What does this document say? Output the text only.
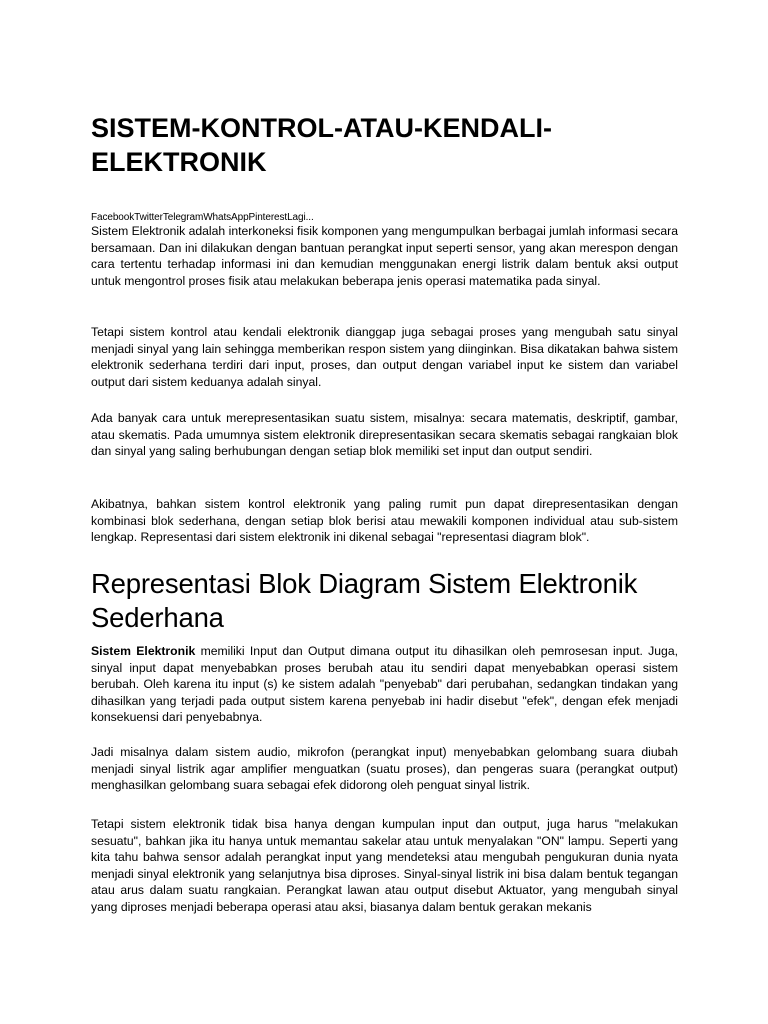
SISTEM-KONTROL-ATAU-KENDALI-ELEKTRONIK
FacebookTwitterTelegramWhatsAppPinterestLagi...

Sistem Elektronik adalah interkoneksi fisik komponen yang mengumpulkan berbagai jumlah informasi secara bersamaan. Dan ini dilakukan dengan bantuan perangkat input seperti sensor, yang akan merespon dengan cara tertentu terhadap informasi ini dan kemudian menggunakan energi listrik dalam bentuk aksi output untuk mengontrol proses fisik atau melakukan beberapa jenis operasi matematika pada sinyal.

Tetapi sistem kontrol atau kendali elektronik dianggap juga sebagai proses yang mengubah satu sinyal menjadi sinyal yang lain sehingga memberikan respon sistem yang diinginkan. Bisa dikatakan bahwa sistem elektronik sederhana terdiri dari input, proses, dan output dengan variabel input ke sistem dan variabel output dari sistem keduanya adalah sinyal.

Ada banyak cara untuk merepresentasikan suatu sistem, misalnya: secara matematis, deskriptif, gambar, atau skematis. Pada umumnya sistem elektronik direpresentasikan secara skematis sebagai rangkaian blok dan sinyal yang saling berhubungan dengan setiap blok memiliki set input dan output sendiri.

Akibatnya, bahkan sistem kontrol elektronik yang paling rumit pun dapat direpresentasikan dengan kombinasi blok sederhana, dengan setiap blok berisi atau mewakili komponen individual atau sub-sistem lengkap. Representasi dari sistem elektronik ini dikenal sebagai "representasi diagram blok".

Representasi Blok Diagram Sistem Elektronik Sederhana

Sistem Elektronik memiliki Input dan Output dimana output itu dihasilkan oleh pemrosesan input. Juga, sinyal input dapat menyebabkan proses berubah atau itu sendiri dapat menyebabkan operasi sistem berubah. Oleh karena itu input (s) ke sistem adalah "penyebab" dari perubahan, sedangkan tindakan yang dihasilkan yang terjadi pada output sistem karena penyebab ini hadir disebut "efek", dengan efek menjadi konsekuensi dari penyebabnya.

Jadi misalnya dalam sistem audio, mikrofon (perangkat input) menyebabkan gelombang suara diubah menjadi sinyal listrik agar amplifier menguatkan (suatu proses), dan pengeras suara (perangkat output) menghasilkan gelombang suara sebagai efek didorong oleh penguat sinyal listrik.

Tetapi sistem elektronik tidak bisa hanya dengan kumpulan input dan output, juga harus "melakukan sesuatu", bahkan jika itu hanya untuk memantau sakelar atau untuk menyalakan "ON" lampu. Seperti yang kita tahu bahwa sensor adalah perangkat input yang mendeteksi atau mengubah pengukuran dunia nyata menjadi sinyal elektronik yang selanjutnya bisa diproses. Sinyal-sinyal listrik ini bisa dalam bentuk tegangan atau arus dalam suatu rangkaian. Perangkat lawan atau output disebut Aktuator, yang mengubah sinyal yang diproses menjadi beberapa operasi atau aksi, biasanya dalam bentuk gerakan mekanis
